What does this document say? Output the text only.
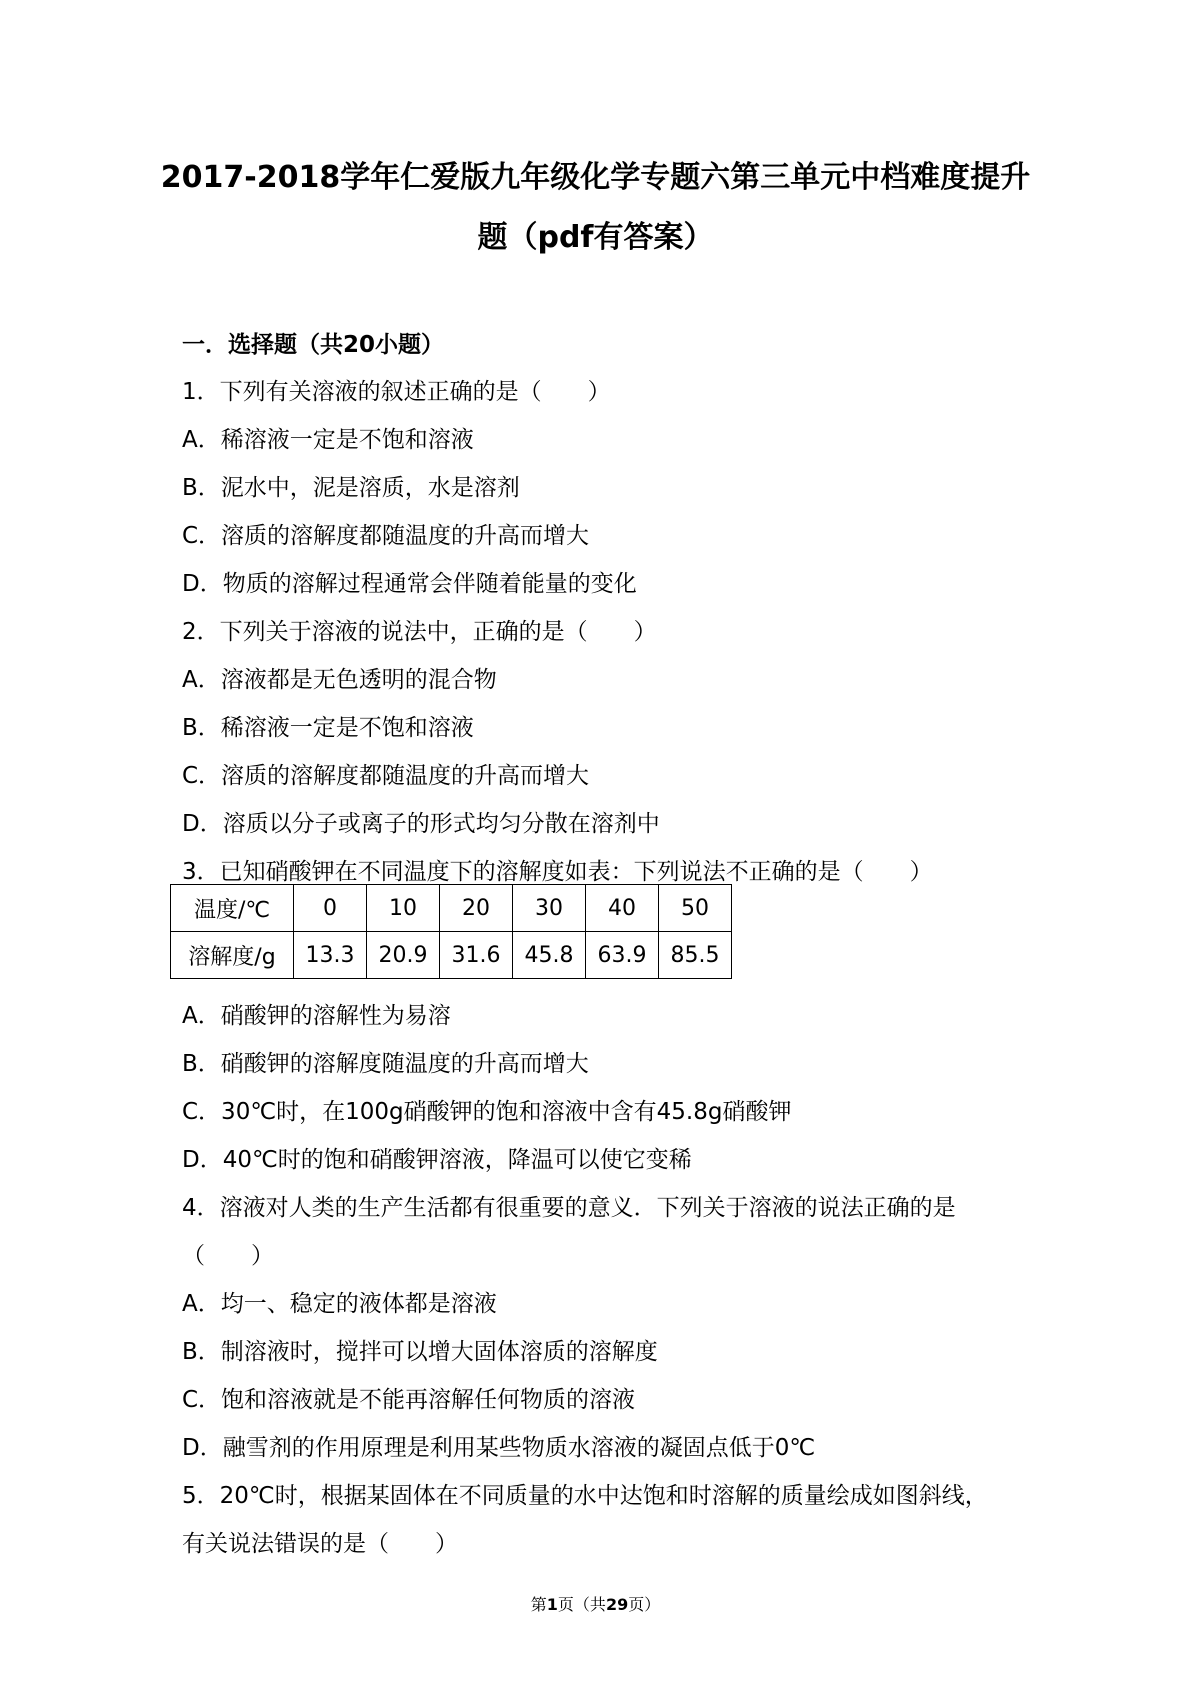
2017-2018学年仁爱版九年级化学专题六第三单元中档难度提升
题（pdf有答案）
一．选择题（共20小题）
1．下列有关溶液的叙述正确的是（　　）
A．稀溶液一定是不饱和溶液
B．泥水中，泥是溶质，水是溶剂
C．溶质的溶解度都随温度的升高而增大
D．物质的溶解过程通常会伴随着能量的变化
2．下列关于溶液的说法中，正确的是（　　）
A．溶液都是无色透明的混合物
B．稀溶液一定是不饱和溶液
C．溶质的溶解度都随温度的升高而增大
D．溶质以分子或离子的形式均匀分散在溶剂中
3．已知硝酸钾在不同温度下的溶解度如表：下列说法不正确的是（　　）
温度/℃	0	10	20	30	40	50
溶解度/g	13.3	20.9	31.6	45.8	63.9	85.5
A．硝酸钾的溶解性为易溶
B．硝酸钾的溶解度随温度的升高而增大
C．30℃时，在100g硝酸钾的饱和溶液中含有45.8g硝酸钾
D．40℃时的饱和硝酸钾溶液，降温可以使它变稀
4．溶液对人类的生产生活都有很重要的意义．下列关于溶液的说法正确的是
（　　）
A．均一、稳定的液体都是溶液
B．制溶液时，搅拌可以增大固体溶质的溶解度
C．饱和溶液就是不能再溶解任何物质的溶液
D．融雪剂的作用原理是利用某些物质水溶液的凝固点低于0℃
5．20℃时，根据某固体在不同质量的水中达饱和时溶解的质量绘成如图斜线，
有关说法错误的是（　　）
第1页（共29页）
